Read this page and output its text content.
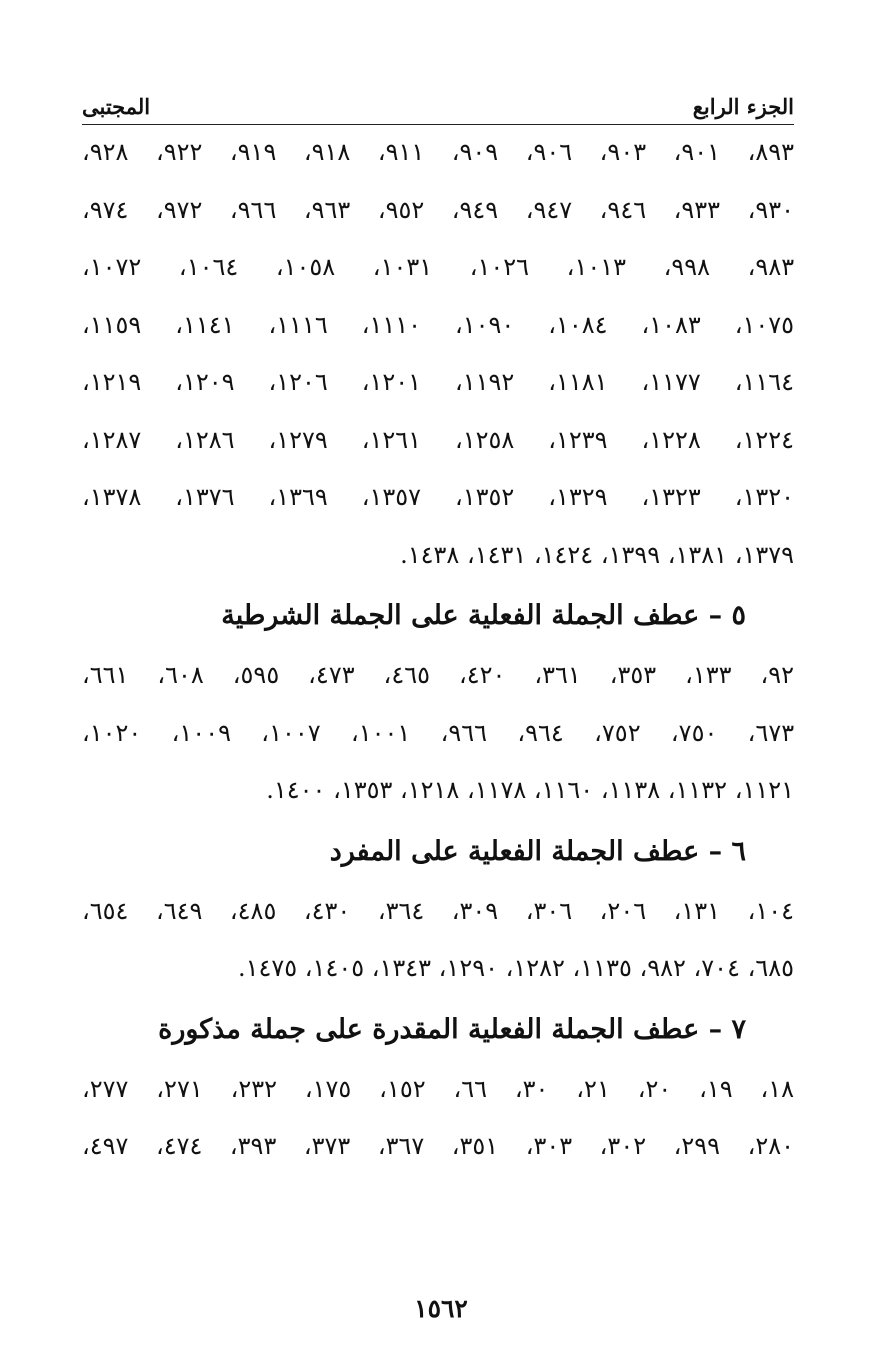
الجزء الرابع
المجتبى
٨٩٣، ٩٠١، ٩٠٣، ٩٠٦، ٩٠٩، ٩١١، ٩١٨، ٩١٩، ٩٢٢، ٩٢٨،
٩٣٠، ٩٣٣، ٩٤٦، ٩٤٧، ٩٤٩، ٩٥٢، ٩٦٣، ٩٦٦، ٩٧٢، ٩٧٤،
٩٨٣، ٩٩٨، ١٠١٣، ١٠٢٦، ١٠٣١، ١٠٥٨، ١٠٦٤، ١٠٧٢،
١٠٧٥، ١٠٨٣، ١٠٨٤، ١٠٩٠، ١١١٠، ١١١٦، ١١٤١، ١١٥٩،
١١٦٤، ١١٧٧، ١١٨١، ١١٩٢، ١٢٠١، ١٢٠٦، ١٢٠٩، ١٢١٩،
١٢٢٤، ١٢٢٨، ١٢٣٩، ١٢٥٨، ١٢٦١، ١٢٧٩، ١٢٨٦، ١٢٨٧،
١٣٢٠، ١٣٢٣، ١٣٢٩، ١٣٥٢، ١٣٥٧، ١٣٦٩، ١٣٧٦، ١٣٧٨،
١٣٧٩، ١٣٨١، ١٣٩٩، ١٤٢٤، ١٤٣١، ١٤٣٨.
٥ – عطف الجملة الفعلية على الجملة الشرطية
٩٢، ١٣٣، ٣٥٣، ٣٦١، ٤٢٠، ٤٦٥، ٤٧٣، ٥٩٥، ٦٠٨، ٦٦١،
٦٧٣، ٧٥٠، ٧٥٢، ٩٦٤، ٩٦٦، ١٠٠١، ١٠٠٧، ١٠٠٩، ١٠٢٠،
١١٢١، ١١٣٢، ١١٣٨، ١١٦٠، ١١٧٨، ١٢١٨، ١٣٥٣، ١٤٠٠.
٦ – عطف الجملة الفعلية على المفرد
١٠٤، ١٣١، ٢٠٦، ٣٠٦، ٣٠٩، ٣٦٤، ٤٣٠، ٤٨٥، ٦٤٩، ٦٥٤،
٦٨٥، ٧٠٤، ٩٨٢، ١١٣٥، ١٢٨٢، ١٢٩٠، ١٣٤٣، ١٤٠٥، ١٤٧٥.
٧ – عطف الجملة الفعلية المقدرة على جملة مذكورة
١٨، ١٩، ٢٠، ٢١، ٣٠، ٦٦، ١٥٢، ١٧٥، ٢٣٢، ٢٧١، ٢٧٧،
٢٨٠، ٢٩٩، ٣٠٢، ٣٠٣، ٣٥١، ٣٦٧، ٣٧٣، ٣٩٣، ٤٧٤، ٤٩٧،
١٥٦٢
